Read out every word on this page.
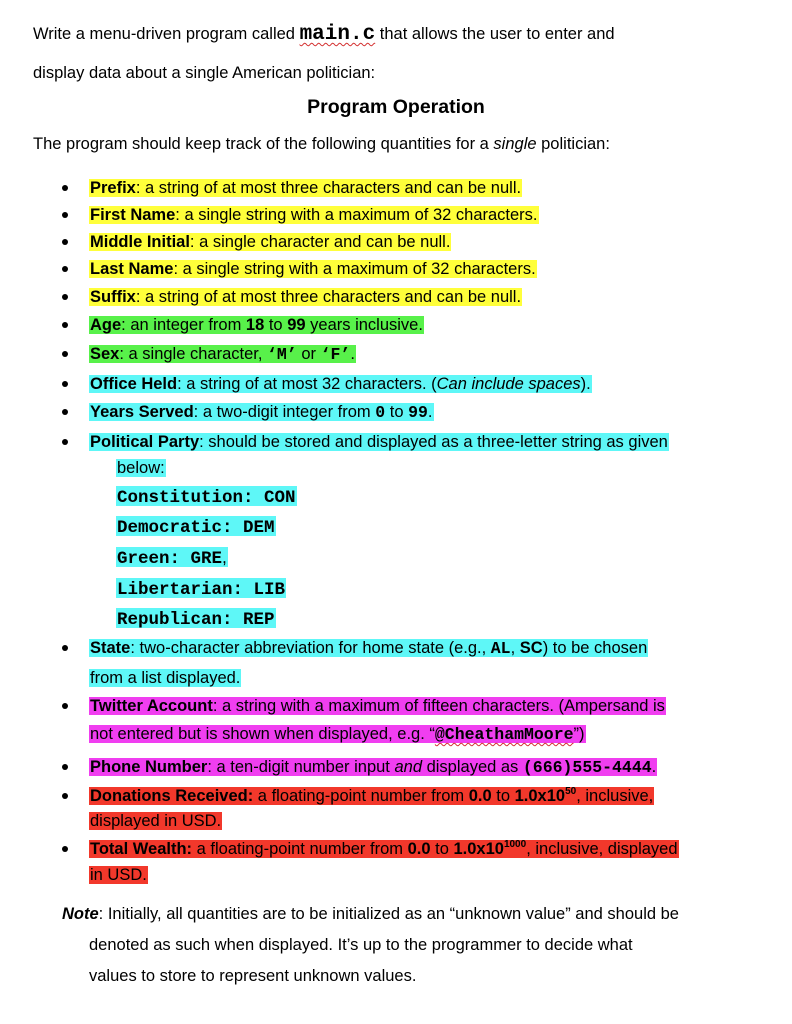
Write a menu-driven program called main.c that allows the user to enter and
display data about a single American politician:
Program Operation
The program should keep track of the following quantities for a single politician:
Prefix: a string of at most three characters and can be null.
First Name: a single string with a maximum of 32 characters.
Middle Initial: a single character and can be null.
Last Name: a single string with a maximum of 32 characters.
Suffix: a string of at most three characters and can be null.
Age: an integer from 18 to 99 years inclusive.
Sex: a single character, ‘M’ or ‘F’.
Office Held: a string of at most 32 characters. (Can include spaces).
Years Served: a two-digit integer from 0 to 99.
Political Party: should be stored and displayed as a three-letter string as given
below:
Constitution: CON
Democratic: DEM
Green: GRE,
Libertarian: LIB
Republican: REP
State: two-character abbreviation for home state (e.g., AL, SC) to be chosen
from a list displayed.
Twitter Account: a string with a maximum of fifteen characters. (Ampersand is
not entered but is shown when displayed, e.g. “@CheathamMoore”)
Phone Number: a ten-digit number input and displayed as (666)555-4444.
Donations Received: a floating-point number from 0.0 to $1.0x10^{50}$, inclusive,
displayed in USD.
Total Wealth: a floating-point number from 0.0 to $1.0x10^{1000}$, inclusive, displayed
in USD.
Note: Initially, all quantities are to be initialized as an “unknown value” and should be
denoted as such when displayed. It’s up to the programmer to decide what
values to store to represent unknown values.
